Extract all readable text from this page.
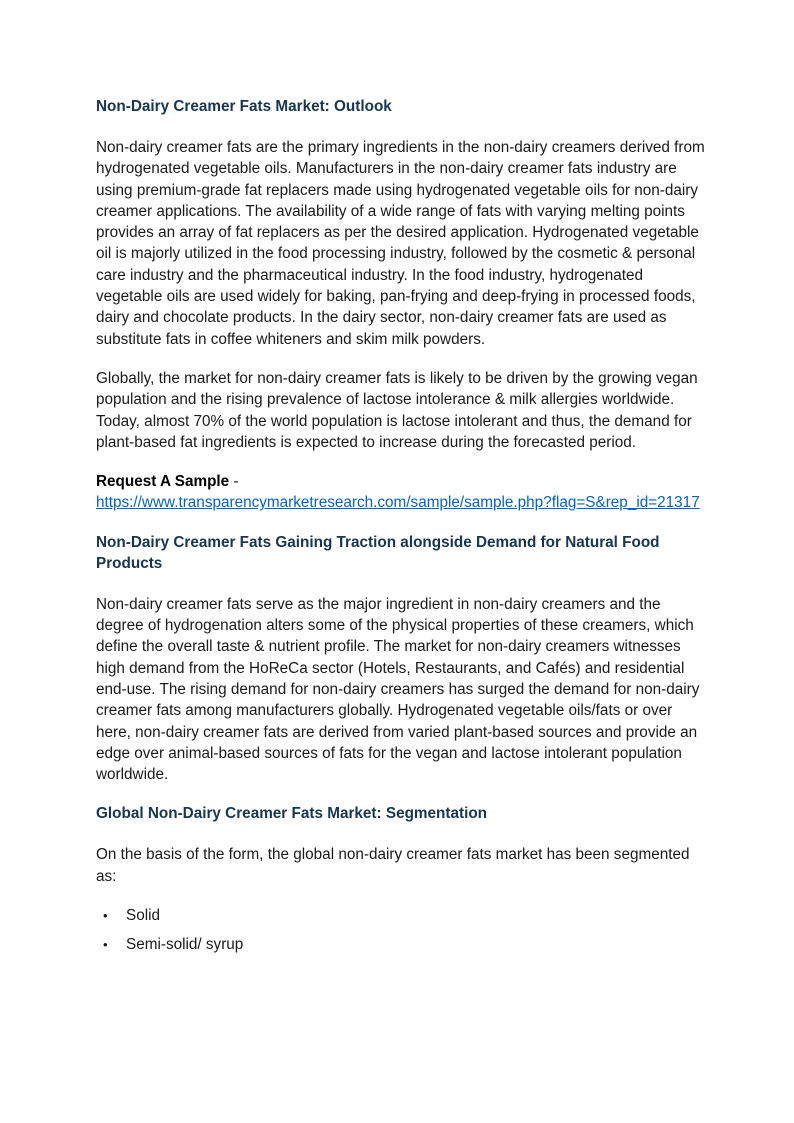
Non-Dairy Creamer Fats Market: Outlook

Non-dairy creamer fats are the primary ingredients in the non-dairy creamers derived from hydrogenated vegetable oils. Manufacturers in the non-dairy creamer fats industry are using premium-grade fat replacers made using hydrogenated vegetable oils for non-dairy creamer applications. The availability of a wide range of fats with varying melting points provides an array of fat replacers as per the desired application. Hydrogenated vegetable oil is majorly utilized in the food processing industry, followed by the cosmetic & personal care industry and the pharmaceutical industry. In the food industry, hydrogenated vegetable oils are used widely for baking, pan-frying and deep-frying in processed foods, dairy and chocolate products. In the dairy sector, non-dairy creamer fats are used as substitute fats in coffee whiteners and skim milk powders.

Globally, the market for non-dairy creamer fats is likely to be driven by the growing vegan population and the rising prevalence of lactose intolerance & milk allergies worldwide. Today, almost 70% of the world population is lactose intolerant and thus, the demand for plant-based fat ingredients is expected to increase during the forecasted period.

Request A Sample -
https://www.transparencymarketresearch.com/sample/sample.php?flag=S&rep_id=21317

Non-Dairy Creamer Fats Gaining Traction alongside Demand for Natural Food Products

Non-dairy creamer fats serve as the major ingredient in non-dairy creamers and the degree of hydrogenation alters some of the physical properties of these creamers, which define the overall taste & nutrient profile. The market for non-dairy creamers witnesses high demand from the HoReCa sector (Hotels, Restaurants, and Cafés) and residential end-use. The rising demand for non-dairy creamers has surged the demand for non-dairy creamer fats among manufacturers globally. Hydrogenated vegetable oils/fats or over here, non-dairy creamer fats are derived from varied plant-based sources and provide an edge over animal-based sources of fats for the vegan and lactose intolerant population worldwide.

Global Non-Dairy Creamer Fats Market: Segmentation

On the basis of the form, the global non-dairy creamer fats market has been segmented as:

• Solid
• Semi-solid/ syrup
